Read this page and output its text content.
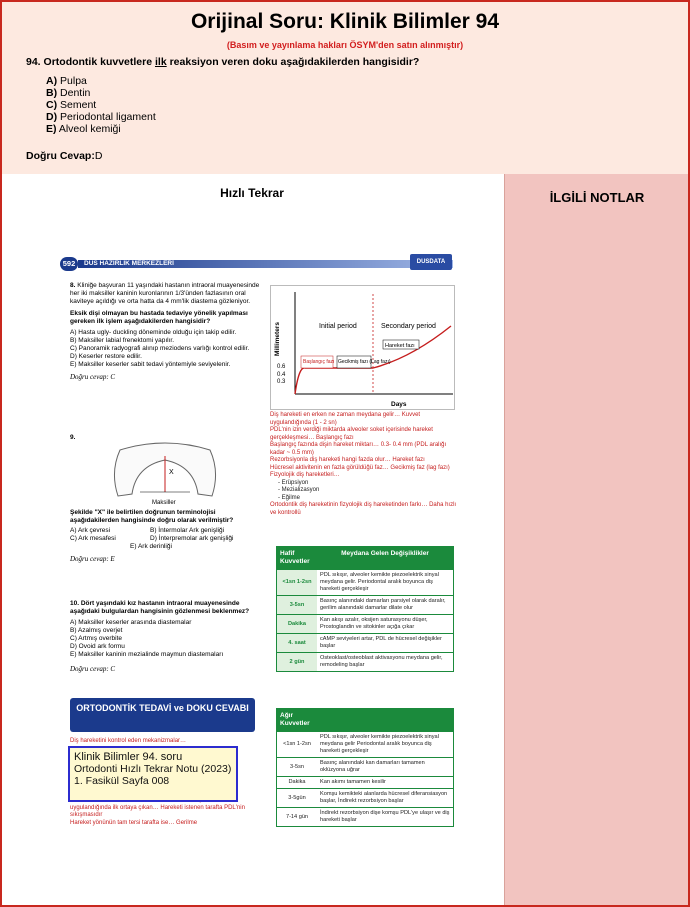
Orijinal Soru: Klinik Bilimler 94
(Basım ve yayınlama hakları ÖSYM'den satın alınmıştır)
94. Ortodontik kuvvetlere ilk reaksiyon veren doku aşağıdakilerden hangisidir?
A) Pulpa
B) Dentin
C) Sement
D) Periodontal ligament
E) Alveol kemiği
Doğru Cevap:D
Hızlı Tekrar	İLGİLİ NOTLAR
592	DUS HAZIRLIK MERKEZLERİ	DUSDATA
8. Kliniğe başvuran 11 yaşındaki hastanın intraoral muayenesinde her iki maksiller kaninin kuronlarının 1/3'ünden fazlasının oral kaviteye açıldığı ve orta hatta da 4 mm'lik diastema gözleniyor.
Eksik dişi olmayan bu hastada tedaviye yönelik yapılması gereken ilk işlem aşağıdakilerden hangisidir?
A) Hasta ugly- duckling döneminde olduğu için takip edilir.
B) Maksiller labial frenektomi yapılır.
C) Panoramik radyografi alınıp meziodens varlığı kontrol edilir.
D) Keserler restore edilir.
E) Maksiller keserler sabit tedavi yöntemiyle seviyelenir.
Doğru cevap: C
9.
X
Maksiller
Şekilde "X" ile belirtilen doğrunun terminolojisi aşağıdakilerden hangisinde doğru olarak verilmiştir?
A) Ark çevresi	B) İntermolar Ark genişliği
C) Ark mesafesi	D) İnterpremolar ark genişliği
E) Ark derinliği
Doğru cevap: E
10. Dört yaşındaki kız hastanın intraoral muayenesinde aşağıdaki bulgulardan hangisinin gözlenmesi beklenmez?
A) Maksiller keserler arasında diastemalar
B) Azalmış overjet
C) Artmış overbite
D) Ovoid ark formu
E) Maksiller kaninin mezialinde maymun diastemaları
Doğru cevap: C
Millimeters
Days
Initial period	Secondary period
Hareket fazı
Başlangıç fazı Gecikmiş fazı (Lag fazı)
0.6
0.4
0.3
Diş hareketi en erken ne zaman meydana gelir… Kuvvet uygulandığında (1 - 2 sn)
PDL'nin izin verdiği miktarda alveoler soket içerisinde hareket gerçekleşmesi… Başlangıç fazı
Başlangıç fazında dişin hareket miktarı… 0.3- 0.4 mm (PDL aralığı kadar ~ 0.5 mm)
Rezorbsiyonla diş hareketi hangi fazda olur… Hareket fazı
Hücresel aktivitenin en fazla görüldüğü faz… Gecikmiş faz (lag fazı)
Fizyolojik diş hareketleri…
- Erüpsiyon
- Mezializasyon
- Eğilme
Ortodontik diş hareketinin fizyolojik diş hareketinden farkı… Daha hızlı ve kontrollü
Hafif Kuvvetler
Meydana Gelen Değişiklikler
<1sn 1-2sn
PDL sıkışır, alveoler kemikte piezoelektrik sinyal meydana gelir. Periodontal aralık boyunca diş hareketi gerçekleşir
3-5sn
Basınç alanındaki damarları parsiyel olarak daralır, gerilim alanındaki damarlar dilate olur
Dakika
Kan akışı azalır, oksijen saturasyonu düşer, Prostoglandin ve sitokinler açığa çıkar
4. saat
cAMP seviyeleri artar, PDL de hücresel değişikler başlar
2 gün
Osteoklast/osteoblast aktivasyonu meydana gelir, remodeling başlar
Ağır Kuvvetler
<1sn 1-2sn
PDL sıkışır, alveoler kemikte piezoelektrik sinyal meydana gelir Periodontal aralık boyunca diş hareketi gerçekleşir
3-5sn
Basınç alanındaki kan damarları tamamen oklüzyona uğrar
Dakika	Kan akımı tamamen kesilir
3-5gün
Komşu kemikteki alanlarda hücresel diferansiasyon başlar, İndirekt rezorbsiyon başlar
7-14 gün
İndirekt rezorbsiyon dişe komşu PDL'ye ulaşır ve diş hareketi başlar
ORTODONTİK TEDAVİ ve DOKU CEVABI
Diş hareketini kontrol eden mekanizmalar…
uygulandığında ilk ortaya çıkan… Hareketi istenen tarafta PDL'nin sıkışmasıdır
Hareket yönünün tam tersi tarafta ise… Gerilme
Klinik Bilimler 94. soru
Ortodonti Hızlı Tekrar Notu (2023) 1. Fasikül Sayfa 008
